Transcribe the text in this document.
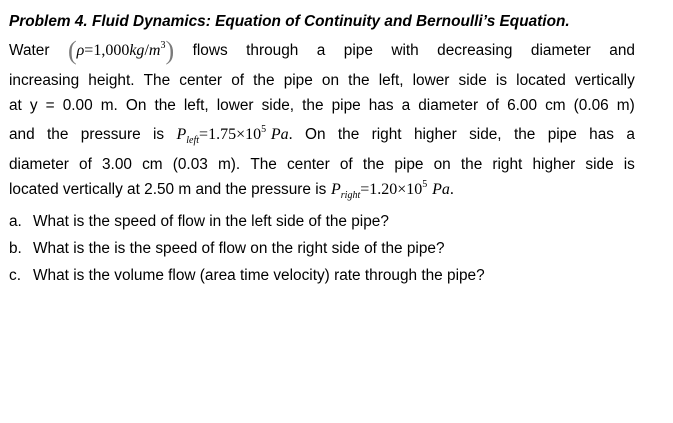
Problem 4. Fluid Dynamics: Equation of Continuity and Bernoulli’s Equation.
Water $(\rho=1,000kg/m^3)$ flows through a pipe with decreasing diameter and
increasing height. The center of the pipe on the left, lower side is located vertically
at y = 0.00 m. On the left, lower side, the pipe has a diameter of 6.00 cm (0.06 m)
and the pressure is $P_{left}=1.75\times 10^5$ Pa. On the right higher side, the pipe has a
diameter of 3.00 cm (0.03 m). The center of the pipe on the right higher side is
located vertically at 2.50 m and the pressure is $P_{right}=1.20\times 10^5$ Pa.
a. What is the speed of flow in the left side of the pipe?
b. What is the is the speed of flow on the right side of the pipe?
c. What is the volume flow (area time velocity) rate through the pipe?
